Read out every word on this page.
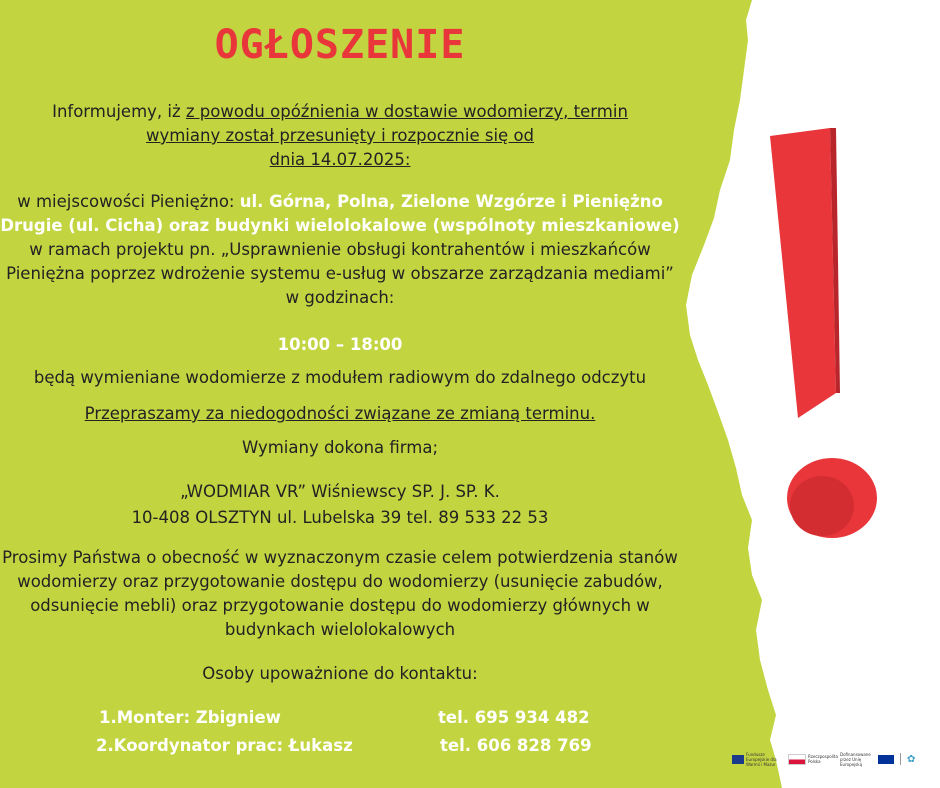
OGŁOSZENIE
Informujemy, iż z powodu opóźnienia w dostawie wodomierzy, termin
wymiany został przesunięty i rozpocznie się od
dnia 14.07.2025:
w miejscowości Pieniężno: ul. Górna, Polna, Zielone Wzgórze i Pieniężno Drugie (ul. Cicha) oraz budynki wielolokalowe (wspólnoty mieszkaniowe) w ramach projektu pn. „Usprawnienie obsługi kontrahentów i mieszkańców Pieniężna poprzez wdrożenie systemu e-usług w obszarze zarządzania mediami” w godzinach:
10:00 – 18:00
będą wymieniane wodomierze z modułem radiowym do zdalnego odczytu
Przepraszamy za niedogodności związane ze zmianą terminu.
Wymiany dokona firma;
„WODMIAR VR” Wiśniewscy SP. J. SP. K.
10-408 OLSZTYN ul. Lubelska 39 tel. 89 533 22 53
Prosimy Państwa o obecność w wyznaczonym czasie celem potwierdzenia stanów wodomierzy oraz przygotowanie dostępu do wodomierzy (usunięcie zabudów, odsunięcie mebli) oraz przygotowanie dostępu do wodomierzy głównych w budynkach wielolokalowych
Osoby upoważnione do kontaktu:
1.Monter: Zbigniew	tel. 695 934 482
2.Koordynator prac: Łukasz	tel. 606 828 769	Fundusze Europejskie dla Warmii i Mazur
Rzeczpospolita Polska
Dofinansowane przez Unię Europejską	✿
